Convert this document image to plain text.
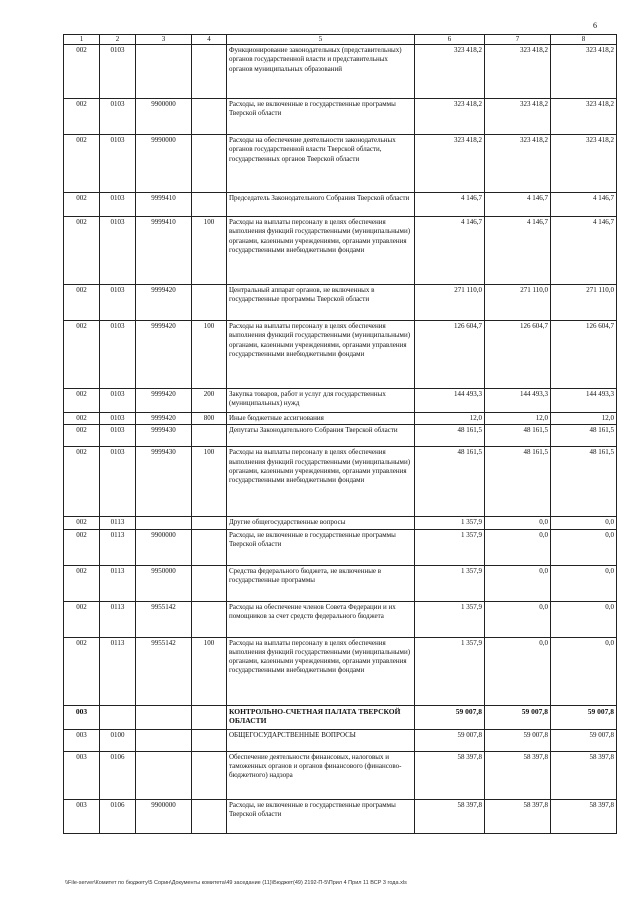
6
1	2	3	4	5	6	7	8
002	0103			Функционирование законодательных (представительных) органов государственной власти и представительных органов муниципальных образований	323 418,2	323 418,2	323 418,2
002	0103	9900000		Расходы, не включенные в государственные программы Тверской области	323 418,2	323 418,2	323 418,2
002	0103	9990000		Расходы на обеспечение деятельности законодательных органов государственной власти Тверской области, государственных органов Тверской области	323 418,2	323 418,2	323 418,2
002	0103	9999410		Председатель Законодательного Собрания Тверской области	4 146,7	4 146,7	4 146,7
002	0103	9999410	100	Расходы на выплаты персоналу в целях обеспечения выполнения функций государственными (муниципальными) органами, казенными учреждениями, органами управления государственными внебюджетными фондами	4 146,7	4 146,7	4 146,7
002	0103	9999420		Центральный аппарат органов, не включенных в государственные программы Тверской области	271 110,0	271 110,0	271 110,0
002	0103	9999420	100	Расходы на выплаты персоналу в целях обеспечения выполнения функций государственными (муниципальными) органами, казенными учреждениями, органами управления государственными внебюджетными фондами	126 604,7	126 604,7	126 604,7
002	0103	9999420	200	Закупка товаров, работ и услуг для государственных (муниципальных) нужд	144 493,3	144 493,3	144 493,3
002	0103	9999420	800	Иные бюджетные ассигнования	12,0	12,0	12,0
002	0103	9999430		Депутаты Законодательного Собрания Тверской области	48 161,5	48 161,5	48 161,5
002	0103	9999430	100	Расходы на выплаты персоналу в целях обеспечения выполнения функций государственными (муниципальными) органами, казенными учреждениями, органами управления государственными внебюджетными фондами	48 161,5	48 161,5	48 161,5
002	0113			Другие общегосударственные вопросы	1 357,9	0,0	0,0
002	0113	9900000		Расходы, не включенные в государственные программы Тверской области	1 357,9	0,0	0,0
002	0113	9950000		Средства федерального бюджета, не включенные в государственные программы	1 357,9	0,0	0,0
002	0113	9955142		Расходы на обеспечение членов Совета Федерации и их помощников за счет средств федерального бюджета	1 357,9	0,0	0,0
002	0113	9955142	100	Расходы на выплаты персоналу в целях обеспечения выполнения функций государственными (муниципальными) органами, казенными учреждениями, органами управления государственными внебюджетными фондами	1 357,9	0,0	0,0
003				КОНТРОЛЬНО-СЧЕТНАЯ ПАЛАТА ТВЕРСКОЙ ОБЛАСТИ	59 007,8	59 007,8	59 007,8
003	0100			ОБЩЕГОСУДАРСТВЕННЫЕ ВОПРОСЫ	59 007,8	59 007,8	59 007,8
003	0106			Обеспечение деятельности финансовых, налоговых и таможенных органов и органов финансового (финансово-бюджетного) надзора	58 397,8	58 397,8	58 397,8
003	0106	9900000		Расходы, не включенные в государственные программы Тверской области	58 397,8	58 397,8	58 397,8
\\File-server\Комитет по бюджету\5 Сорин\Документы комитета\49 заседание (11)\Бюджет(49) 2192-П-5\Прил 4 Прил 11 ВСР 3 года.xls
